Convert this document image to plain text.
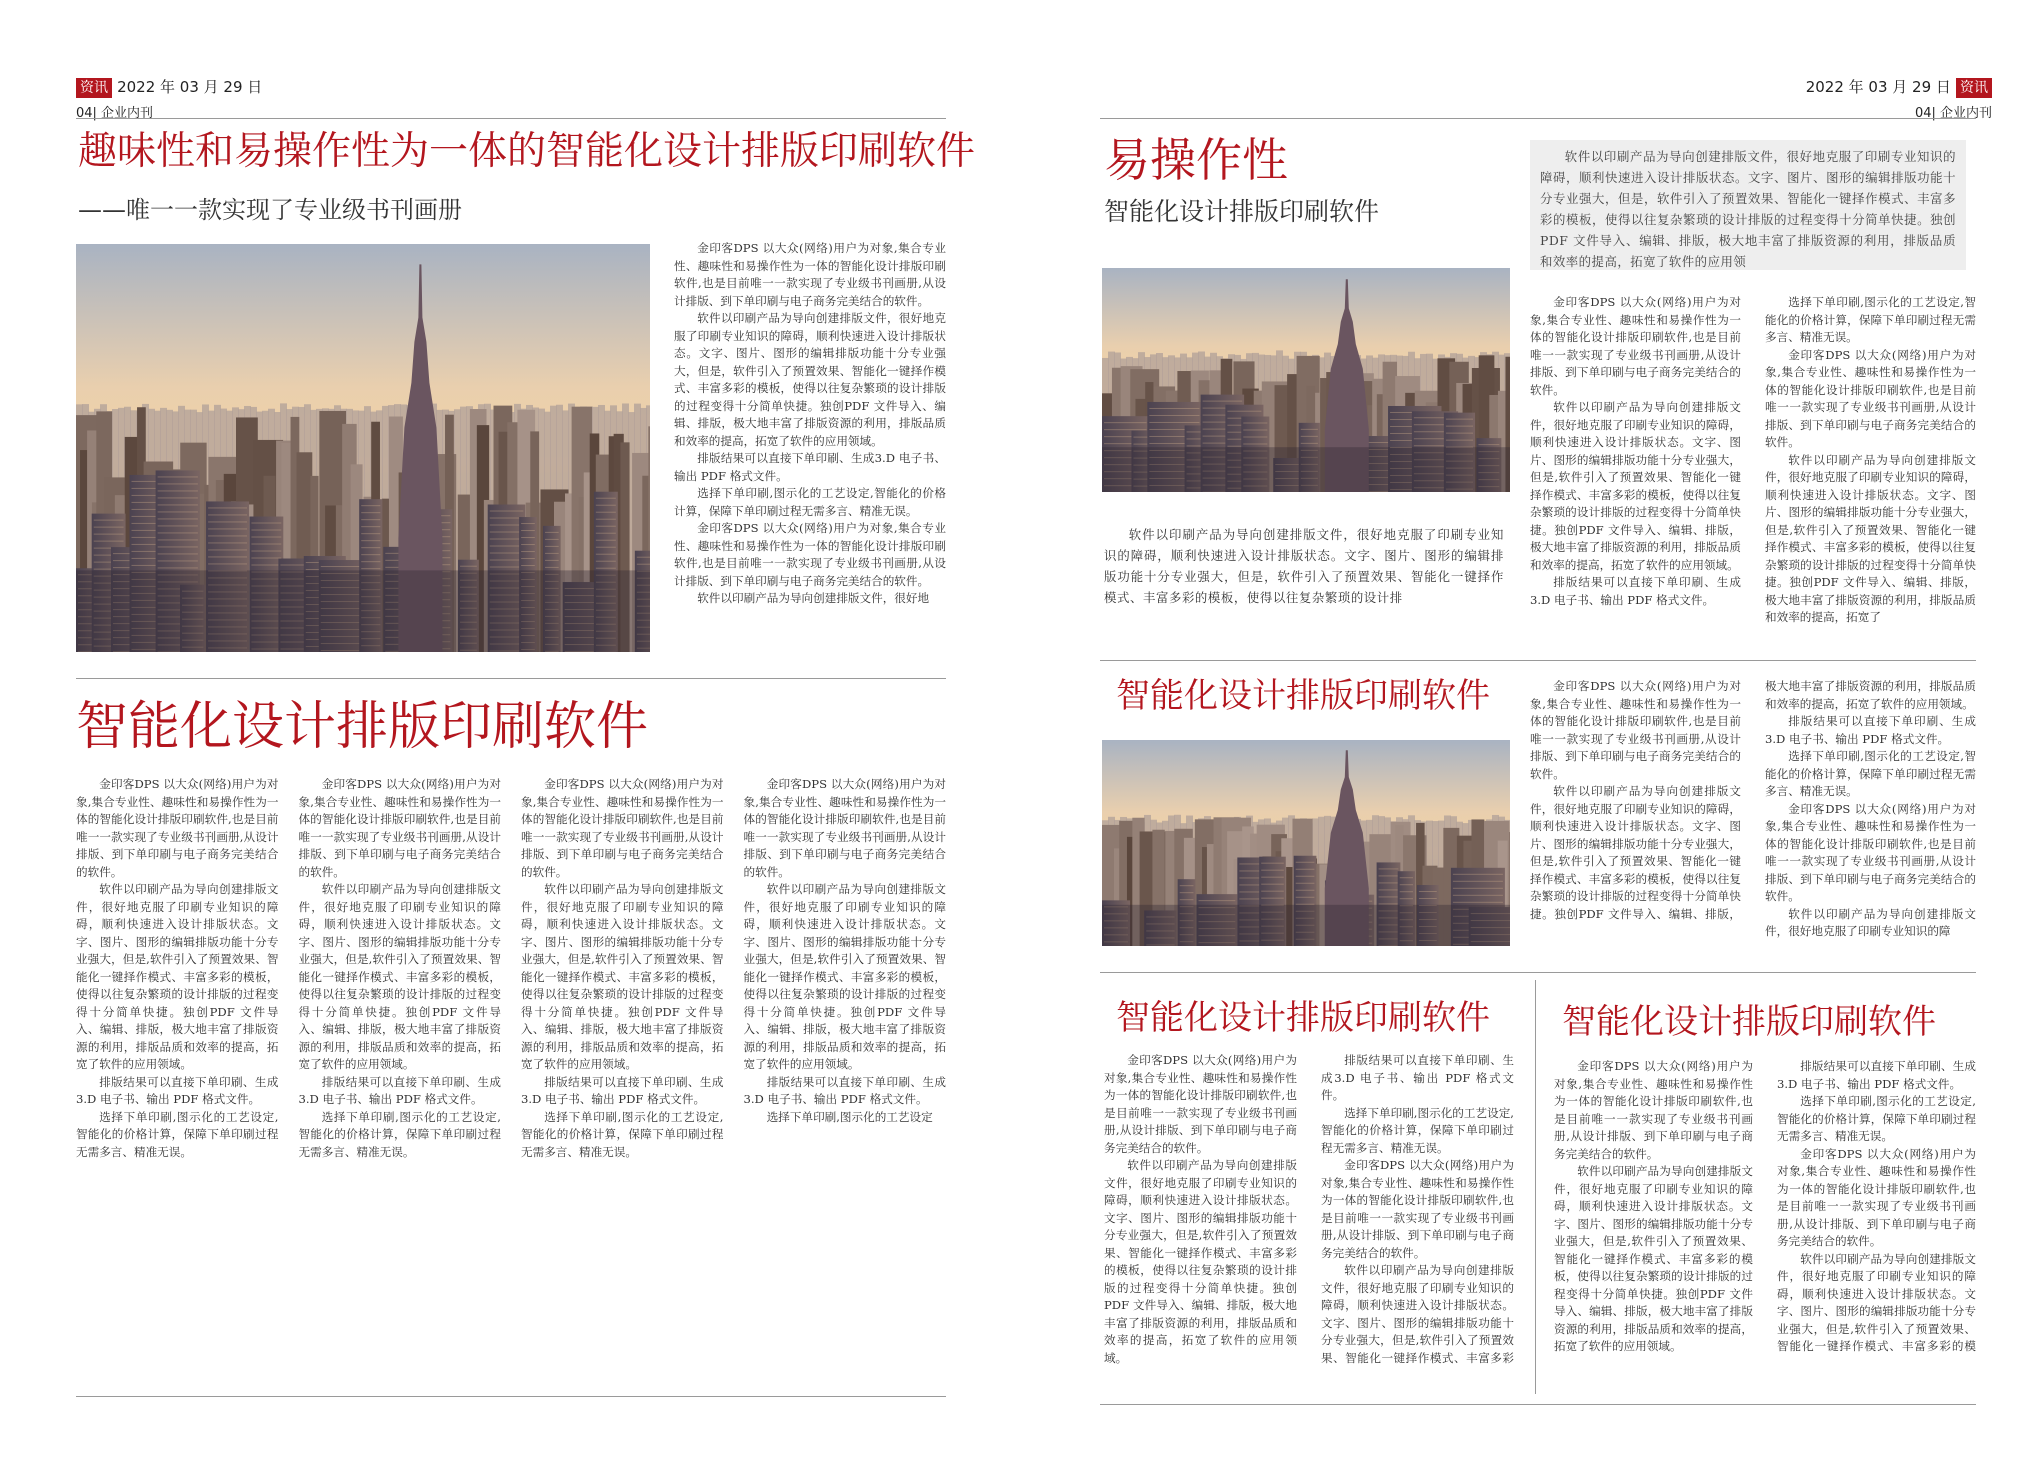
资讯 2022 年 03 月 29 日
04| 企业内刊
趣味性和易操作性为一体的智能化设计排版印刷软件
——唯一一款实现了专业级书刊画册

金印客DPS 以大众(网络)用户为对象,集合专业性、趣味性和易操作性为一体的智能化设计排版印刷软件,也是目前唯一一款实现了专业级书刊画册,从设计排版、到下单印刷与电子商务完美结合的软件。

软件以印刷产品为导向创建排版文件，很好地克服了印刷专业知识的障碍，顺利快速进入设计排版状态。文字、图片、图形的编辑排版功能十分专业强大，但是，软件引入了预置效果、智能化一键择作模式、丰富多彩的模板，使得以往复杂繁琐的设计排版的过程变得十分简单快捷。独创PDF 文件导入、编辑、排版，极大地丰富了排版资源的利用，排版品质和效率的提高，拓宽了软件的应用领域。

排版结果可以直接下单印刷、生成3.D 电子书、输出 PDF 格式文件。

选择下单印刷,图示化的工艺设定,智能化的价格计算，保障下单印刷过程无需多言、精准无误。

金印客DPS 以大众(网络)用户为对象,集合专业性、趣味性和易操作性为一体的智能化设计排版印刷软件,也是目前唯一一款实现了专业级书刊画册,从设计排版、到下单印刷与电子商务完美结合的软件。

软件以印刷产品为导向创建排版文件，很好地

智能化设计排版印刷软件

金印客DPS 以大众(网络)用户为对象,集合专业性、趣味性和易操作性为一体的智能化设计排版印刷软件,也是目前唯一一款实现了专业级书刊画册,从设计排版、到下单印刷与电子商务完美结合的软件。

软件以印刷产品为导向创建排版文件，很好地克服了印刷专业知识的障碍，顺利快速进入设计排版状态。文字、图片、图形的编辑排版功能十分专业强大，但是,软件引入了预置效果、智能化一键择作模式、丰富多彩的模板，使得以往复杂繁琐的设计排版的过程变得十分简单快捷。独创PDF 文件导入、编辑、排版，极大地丰富了排版资源的利用，排版品质和效率的提高，拓宽了软件的应用领域。

排版结果可以直接下单印刷、生成3.D 电子书、输出 PDF 格式文件。

选择下单印刷,图示化的工艺设定,智能化的价格计算，保障下单印刷过程无需多言、精准无误。

金印客DPS 以大众(网络)用户为对象,集合专业性、趣味性和易操作性为一体的智能化设计排版印刷软件,也是目前唯一一款实现了专业级书刊画册,从设计排版、到下单印刷与电子商务完美结合的软件。

软件以印刷产品为导向创建排版文件，很好地克服了印刷专业知识的障碍，顺利快速进入设计排版状态。文字、图片、图形的编辑排版功能十分专业强大，但是,软件引入了预置效果、智能化一键择作模式、丰富多彩的模板，使得以往复杂繁琐的设计排版的过程变得十分简单快捷。独创PDF 文件导入、编辑、排版，极大地丰富了排版资源的利用，排版品质和效率的提高，拓宽了软件的应用领域。

排版结果可以直接下单印刷、生成3.D 电子书、输出 PDF 格式文件。

选择下单印刷,图示化的工艺设定,智能化的价格计算，保障下单印刷过程无需多言、精准无误。

金印客DPS 以大众(网络)用户为对象,集合专业性、趣味性和易操作性为一体的智能化设计排版印刷软件,也是目前唯一一款实现了专业级书刊画册,从设计排版、到下单印刷与电子商务完美结合的软件。

软件以印刷产品为导向创建排版文件，很好地克服了印刷专业知识的障碍，顺利快速进入设计排版状态。文字、图片、图形的编辑排版功能十分专业强大，但是,软件引入了预置效果、智能化一键择作模式、丰富多彩的模板，使得以往复杂繁琐的设计排版的过程变得十分简单快捷。独创PDF 文件导入、编辑、排版，极大地丰富了排版资源的利用，排版品质和效率的提高，拓宽了软件的应用领域。

排版结果可以直接下单印刷、生成3.D 电子书、输出 PDF 格式文件。

选择下单印刷,图示化的工艺设定,智能化的价格计算，保障下单印刷过程无需多言、精准无误。

金印客DPS 以大众(网络)用户为对象,集合专业性、趣味性和易操作性为一体的智能化设计排版印刷软件,也是目前唯一一款实现了专业级书刊画册,从设计排版、到下单印刷与电子商务完美结合的软件。

软件以印刷产品为导向创建排版文件，很好地克服了印刷专业知识的障碍，顺利快速进入设计排版状态。文字、图片、图形的编辑排版功能十分专业强大，但是,软件引入了预置效果、智能化一键择作模式、丰富多彩的模板，使得以往复杂繁琐的设计排版的过程变得十分简单快捷。独创PDF 文件导入、编辑、排版，极大地丰富了排版资源的利用，排版品质和效率的提高，拓宽了软件的应用领域。

排版结果可以直接下单印刷、生成3.D 电子书、输出 PDF 格式文件。

选择下单印刷,图示化的工艺设定

2022 年 03 月 29 日 资讯
04| 企业内刊
易操作性
智能化设计排版印刷软件

软件以印刷产品为导向创建排版文件，很好地克服了印刷专业知识的障碍，顺利快速进入设计排版状态。文字、图片、图形的编辑排版功能十分专业强大，但是，软件引入了预置效果、智能化一键择作模式、丰富多彩的模板，使得以往复杂繁琐的设计排版的过程变得十分简单快捷。独创PDF 文件导入、编辑、排版，极大地丰富了排版资源的利用，排版品质和效率的提高，拓宽了软件的应用领

软件以印刷产品为导向创建排版文件，很好地克服了印刷专业知识的障碍，顺利快速进入设计排版状态。文字、图片、图形的编辑排版功能十分专业强大，但是，软件引入了预置效果、智能化一键择作模式、丰富多彩的模板，使得以往复杂繁琐的设计排

金印客DPS 以大众(网络)用户为对象,集合专业性、趣味性和易操作性为一体的智能化设计排版印刷软件,也是目前唯一一款实现了专业级书刊画册,从设计排版、到下单印刷与电子商务完美结合的软件。

软件以印刷产品为导向创建排版文件，很好地克服了印刷专业知识的障碍，顺利快速进入设计排版状态。文字、图片、图形的编辑排版功能十分专业强大，但是,软件引入了预置效果、智能化一键择作模式、丰富多彩的模板，使得以往复杂繁琐的设计排版的过程变得十分简单快捷。独创PDF 文件导入、编辑、排版，极大地丰富了排版资源的利用，排版品质和效率的提高，拓宽了软件的应用领域。

排版结果可以直接下单印刷、生成3.D 电子书、输出 PDF 格式文件。

选择下单印刷,图示化的工艺设定,智能化的价格计算，保障下单印刷过程无需多言、精准无误。

金印客DPS 以大众(网络)用户为对象,集合专业性、趣味性和易操作性为一体的智能化设计排版印刷软件,也是目前唯一一款实现了专业级书刊画册,从设计排版、到下单印刷与电子商务完美结合的软件。

软件以印刷产品为导向创建排版文件，很好地克服了印刷专业知识的障碍，顺利快速进入设计排版状态。文字、图片、图形的编辑排版功能十分专业强大，但是,软件引入了预置效果、智能化一键择作模式、丰富多彩的模板，使得以往复杂繁琐的设计排版的过程变得十分简单快捷。独创PDF 文件导入、编辑、排版，极大地丰富了排版资源的利用，排版品质和效率的提高，拓宽了

智能化设计排版印刷软件	金印客DPS 以大众(网络)用户为对象,集合专业性、趣味性和易操作性为一体的智能化设计排版印刷软件,也是目前唯一一款实现了专业级书刊画册,从设计排版、到下单印刷与电子商务完美结合的软件。

软件以印刷产品为导向创建排版文件，很好地克服了印刷专业知识的障碍，顺利快速进入设计排版状态。文字、图片、图形的编辑排版功能十分专业强大，但是,软件引入了预置效果、智能化一键择作模式、丰富多彩的模板，使得以往复杂繁琐的设计排版的过程变得十分简单快捷。独创PDF 文件导入、编辑、排版，极大地丰富了排版资源的利用，排版品质和效率的提高，拓宽了软件的应用领域。

排版结果可以直接下单印刷、生成3.D 电子书、输出 PDF 格式文件。

选择下单印刷,图示化的工艺设定,智能化的价格计算，保障下单印刷过程无需多言、精准无误。

金印客DPS 以大众(网络)用户为对象,集合专业性、趣味性和易操作性为一体的智能化设计排版印刷软件,也是目前唯一一款实现了专业级书刊画册,从设计排版、到下单印刷与电子商务完美结合的软件。

软件以印刷产品为导向创建排版文件，很好地克服了印刷专业知识的障

智能化设计排版印刷软件

金印客DPS 以大众(网络)用户为对象,集合专业性、趣味性和易操作性为一体的智能化设计排版印刷软件,也是目前唯一一款实现了专业级书刊画册,从设计排版、到下单印刷与电子商务完美结合的软件。

软件以印刷产品为导向创建排版文件，很好地克服了印刷专业知识的障碍，顺利快速进入设计排版状态。文字、图片、图形的编辑排版功能十分专业强大，但是,软件引入了预置效果、智能化一键择作模式、丰富多彩的模板，使得以往复杂繁琐的设计排版的过程变得十分简单快捷。独创PDF 文件导入、编辑、排版，极大地丰富了排版资源的利用，排版品质和效率的提高，拓宽了软件的应用领域。

排版结果可以直接下单印刷、生成3.D 电子书、输出 PDF 格式文件。

选择下单印刷,图示化的工艺设定,智能化的价格计算，保障下单印刷过程无需多言、精准无误。

金印客DPS 以大众(网络)用户为对象,集合专业性、趣味性和易操作性为一体的智能化设计排版印刷软件,也是目前唯一一款实现了专业级书刊画册,从设计排版、到下单印刷与电子商务完美结合的软件。

软件以印刷产品为导向创建排版文件，很好地克服了印刷专业知识的障碍，顺利快速进入设计排版状态。文字、图片、图形的编辑排版功能十分专业强大，但是,软件引入了预置效果、智能化一键择作模式、丰富多彩

智能化设计排版印刷软件

金印客DPS 以大众(网络)用户为对象,集合专业性、趣味性和易操作性为一体的智能化设计排版印刷软件,也是目前唯一一款实现了专业级书刊画册,从设计排版、到下单印刷与电子商务完美结合的软件。

软件以印刷产品为导向创建排版文件，很好地克服了印刷专业知识的障碍，顺利快速进入设计排版状态。文字、图片、图形的编辑排版功能十分专业强大，但是,软件引入了预置效果、智能化一键择作模式、丰富多彩的模板，使得以往复杂繁琐的设计排版的过程变得十分简单快捷。独创PDF 文件导入、编辑、排版，极大地丰富了排版资源的利用，排版品质和效率的提高，拓宽了软件的应用领域。

排版结果可以直接下单印刷、生成3.D 电子书、输出 PDF 格式文件。

选择下单印刷,图示化的工艺设定,智能化的价格计算，保障下单印刷过程无需多言、精准无误。

金印客DPS 以大众(网络)用户为对象,集合专业性、趣味性和易操作性为一体的智能化设计排版印刷软件,也是目前唯一一款实现了专业级书刊画册,从设计排版、到下单印刷与电子商务完美结合的软件。

软件以印刷产品为导向创建排版文件，很好地克服了印刷专业知识的障碍，顺利快速进入设计排版状态。文字、图片、图形的编辑排版功能十分专业强大，但是,软件引入了预置效果、智能化一键择作模式、丰富多彩的模
